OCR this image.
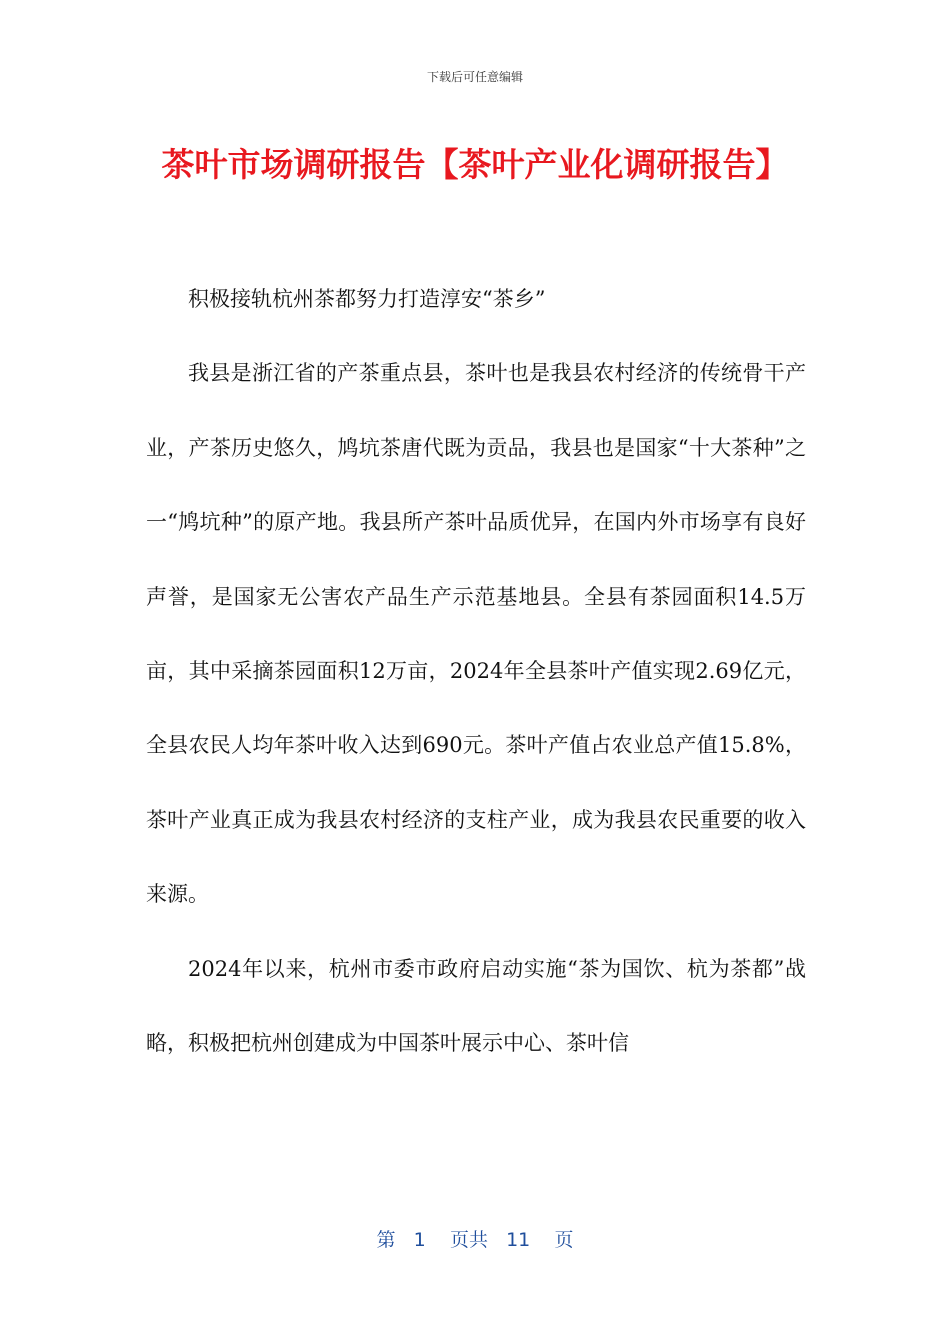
下载后可任意编辑
茶叶市场调研报告【茶叶产业化调研报告】

积极接轨杭州茶都努力打造淳安“茶乡”

我县是浙江省的产茶重点县，茶叶也是我县农村经济的传统骨干产业，产茶历史悠久，鸠坑茶唐代既为贡品，我县也是国家“十大茶种”之一“鸠坑种”的原产地。我县所产茶叶品质优异，在国内外市场享有良好声誉，是国家无公害农产品生产示范基地县。全县有茶园面积14.5万亩，其中采摘茶园面积12万亩，2024年全县茶叶产值实现2.69亿元，全县农民人均年茶叶收入达到690元。茶叶产值占农业总产值15.8%，茶叶产业真正成为我县农村经济的支柱产业，成为我县农民重要的收入来源。

2024年以来，杭州市委市政府启动实施“茶为国饮、杭为茶都”战略，积极把杭州创建成为中国茶叶展示中心、茶叶信

第 1 页共 11 页
